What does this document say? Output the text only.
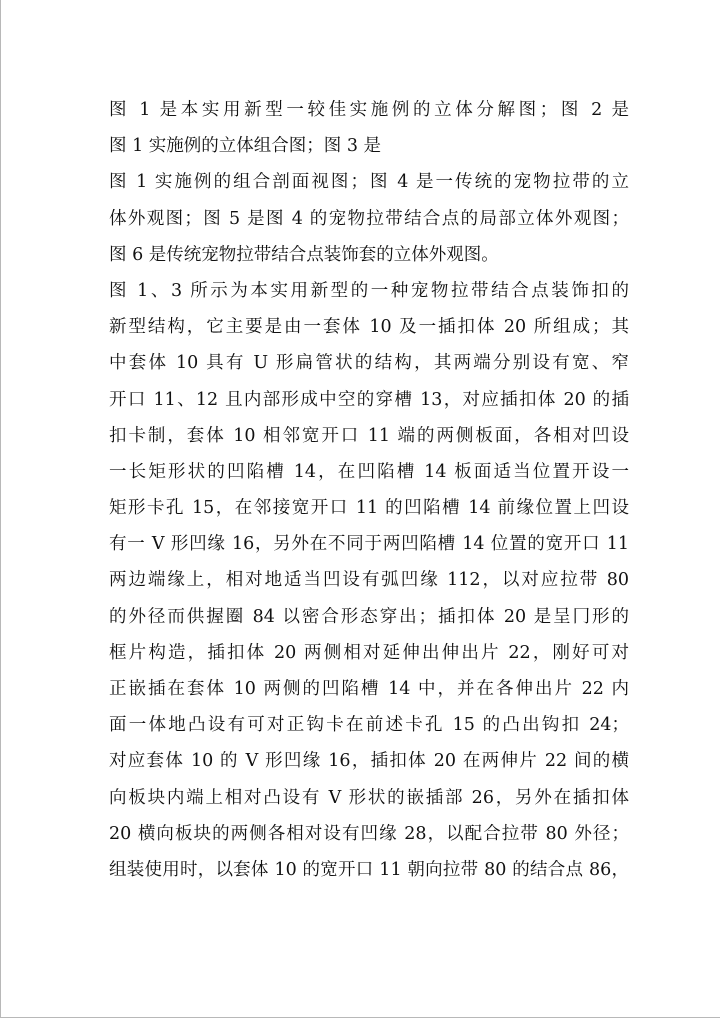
图 1 是本实用新型一较佳实施例的立体分解图；图 2 是
图 1 实施例的立体组合图；图 3 是
图 1 实施例的组合剖面视图；图 4 是一传统的宠物拉带的立
体外观图；图 5 是图 4 的宠物拉带结合点的局部立体外观图；
图 6 是传统宠物拉带结合点装饰套的立体外观图。
图 1、3 所示为本实用新型的一种宠物拉带结合点装饰扣的
新型结构，它主要是由一套体 10 及一插扣体 20 所组成；其
中套体 10 具有 U 形扁管状的结构，其两端分别设有宽、窄
开口 11、12 且内部形成中空的穿槽 13，对应插扣体 20 的插
扣卡制，套体 10 相邻宽开口 11 端的两侧板面，各相对凹设
一长矩形状的凹陷槽 14，在凹陷槽 14 板面适当位置开设一
矩形卡孔 15，在邻接宽开口 11 的凹陷槽 14 前缘位置上凹设
有一 V 形凹缘 16，另外在不同于两凹陷槽 14 位置的宽开口 11
两边端缘上，相对地适当凹设有弧凹缘 112，以对应拉带 80
的外径而供握圈 84 以密合形态穿出；插扣体 20 是呈冂形的
框片构造，插扣体 20 两侧相对延伸出伸出片 22，刚好可对
正嵌插在套体 10 两侧的凹陷槽 14 中，并在各伸出片 22 内
面一体地凸设有可对正钩卡在前述卡孔 15 的凸出钩扣 24；
对应套体 10 的 V 形凹缘 16，插扣体 20 在两伸片 22 间的横
向板块内端上相对凸设有 V 形状的嵌插部 26，另外在插扣体
20 横向板块的两侧各相对设有凹缘 28，以配合拉带 80 外径；
组装使用时，以套体 10 的宽开口 11 朝向拉带 80 的结合点 86，
